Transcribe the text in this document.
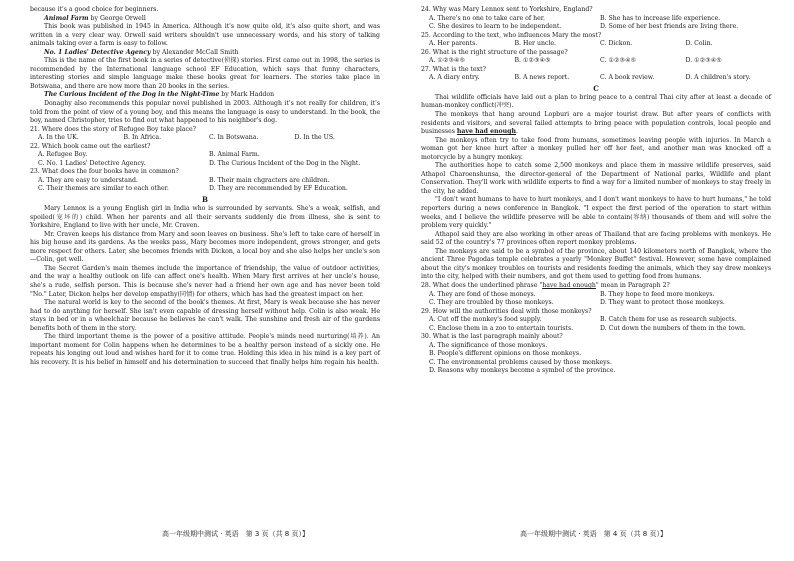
because it's a good choice for beginners.

Animal Farm by George Orwell

This book was published in 1945 in America. Although it's now quite old, it's also quite short, and was written in a very clear way. Orwell said writers shouldn't use unnecessary words, and his story of talking animals taking over a farm is easy to follow.

No. 1 Ladies' Detective Agency by Alexander McCall Smith

This is the name of the first book in a series of detective(侦探) stories. First came out in 1998, the series is recommended by the International language school EF Education, which says that funny characters, interesting stories and simple language make these books great for learners. The stories take place in Botswana, and there are now more than 20 books in the series.

The Curious Incident of the Dog in the Night-Time by Mark Haddon

Donaghy also recommends this popular novel published in 2003. Although it's not really for children, it's told from the point of view of a young boy, and this means the language is easy to understand. In the book, the boy, named Christopher, tries to find out what happened to his neighbor's dog.

21. Where does the story of Refugee Boy take place?

A. In the UK.	B. In Africa.	C. In Botswana.	D. In the US.

22. Which book came out the earliest?

A. Refugee Boy.	B. Animal Farm.
C. No. 1 Ladies' Detective Agency.	D. The Curious Incident of the Dog in the Night.

23. What does the four books have in common?

A. They are easy to understand.	B. Their main chgracters are children.
C. Their themes are similar to each other.	D. They are recommended by EF Education.
B

Mary Lennox is a young English girl in India who is surrounded by servants. She's a weak, selfish, and spoiled(宠坏的) child. When her parents and all their servants suddenly die from illness, she is sent to Yorkshire, England to live with her uncle, Mr. Craven.

Mr. Craven keeps his distance from Mary and soon leaves on business. She's left to take care of herself in his big house and its gardens. As the weeks pass, Mary becomes more independent, grows stronger, and gets more respect for others. Later, she becomes friends with Dickon, a local boy and she also helps her uncle's son—Colin, get well.

The Secret Garden's main themes include the importance of friendship, the value of outdoor activities, and the way a healthy outlook on life can affect one's health. When Mary first arrives at her uncle's house, she's a rude, selfish person. This is because she's never had a friend her own age and has never been told "No." Later, Dickon helps her develop empathy(同情) for others, which has had the greatest impact on her.

The natural world is key to the second of the book's themes. At first, Mary is weak because she has never had to do anything for herself. She isn't even capable of dressing herself without help. Colin is also weak. He stays in bed or in a wheelchair because he believes he can't walk. The sunshine and fresh air of the gardens benefits both of them in the story.

The third important theme is the power of a positive attitude. People's minds need nurturing(培养). An important moment for Colin happens when he determines to be a healthy person instead of a sickly one. He repeats his longing out loud and wishes hard for it to come true. Holding this idea in his mind is a key part of his recovery. It is his belief in himself and his determination to succeed that finally helps him regain his health.

24. Why was Mary Lennox sent to Yorkshire, England?

A. There's no one to take care of her.	B. She has to increase life experience.
C. She desires to learn to be independent.	D. Some of her best friends are living there.

25. According to the text, who influences Mary the most?

A. Her parents.	B. Her uncle.	C. Dickon.	D. Colin.

26. What is the right structure of the passage?

A. ①②③④⑤	B. ①②③④⑤	C. ①②③④⑤	D. ①②③④⑤

27. What is the text?

A. A diary entry.	B. A news report.	C. A book review.	D. A children's story.
C

Thai wildlife officials have laid out a plan to bring peace to a central Thai city after at least a decade of human-monkey conflict(冲突).

The monkeys that hang around Lopburi are a major tourist draw. But after years of conflicts with residents and visitors, and several failed attempts to bring peace with population controls, local people and businesses have had enough.

The monkeys often try to take food from humans, sometimes leaving people with injuries. In March a woman got her knee hurt after a monkey pulled her off her feet, and another man was knocked off a motorcycle by a hungry monkey.

The authorities hope to catch some 2,500 monkeys and place them in massive wildlife preserves, said Athapol Charoenshunsa, the director-general of the Department of National parks, Wildlife and plant Conservation. They'll work with wildlife experts to find a way for a limited number of monkeys to stay freely in the city, he added.

"I don't want humans to have to hurt monkeys, and I don't want monkeys to have to hurt humans," he told reporters during a news conference in Bangkok. "I expect the first period of the operation to start within weeks, and I believe the wildlife preserve will be able to contain(容纳) thousands of them and will solve the problem very quickly."

Athapol said they are also working in other areas of Thailand that are facing problems with monkeys. He said 52 of the country's 77 provinces often report monkey problems.

The monkeys are said to be a symbol of the province, about 140 kilometers north of Bangkok, where the ancient Three Pagodas temple celebrates a yearly "Monkey Buffet" festival. However, some have complained about the city's monkey troubles on tourists and residents feeding the animals, which they say drew monkeys into the city, helped with their numbers, and got them used to getting food from humans.

28. What does the underlined phrase "have had enough" mean in Paragraph 2?

A. They are fond of those moneys.	B. They hope to feed more monkeys.
C. They are troubled by those monkeys.	D. They want to protect those monkeys.

29. How will the authorities deal with those monkeys?

A. Cut off the monkey's food supply.	B. Catch them for use as research subjects.
C. Enclose them in a zoo to entertain tourists.	D. Cut down the numbers of them in the town.

30. What is the last paragraph mainly about?

A. The significance of those monkeys.
B. People's different opinions on those monkeys.
C. The environmental problems caused by those monkeys.
D. Reasons why monkeys become a symbol of the province.
高一年级期中测试 · 英语　第 3 页（共 8 页）】	高一年级期中测试 · 英语　第 4 页（共 8 页）】
